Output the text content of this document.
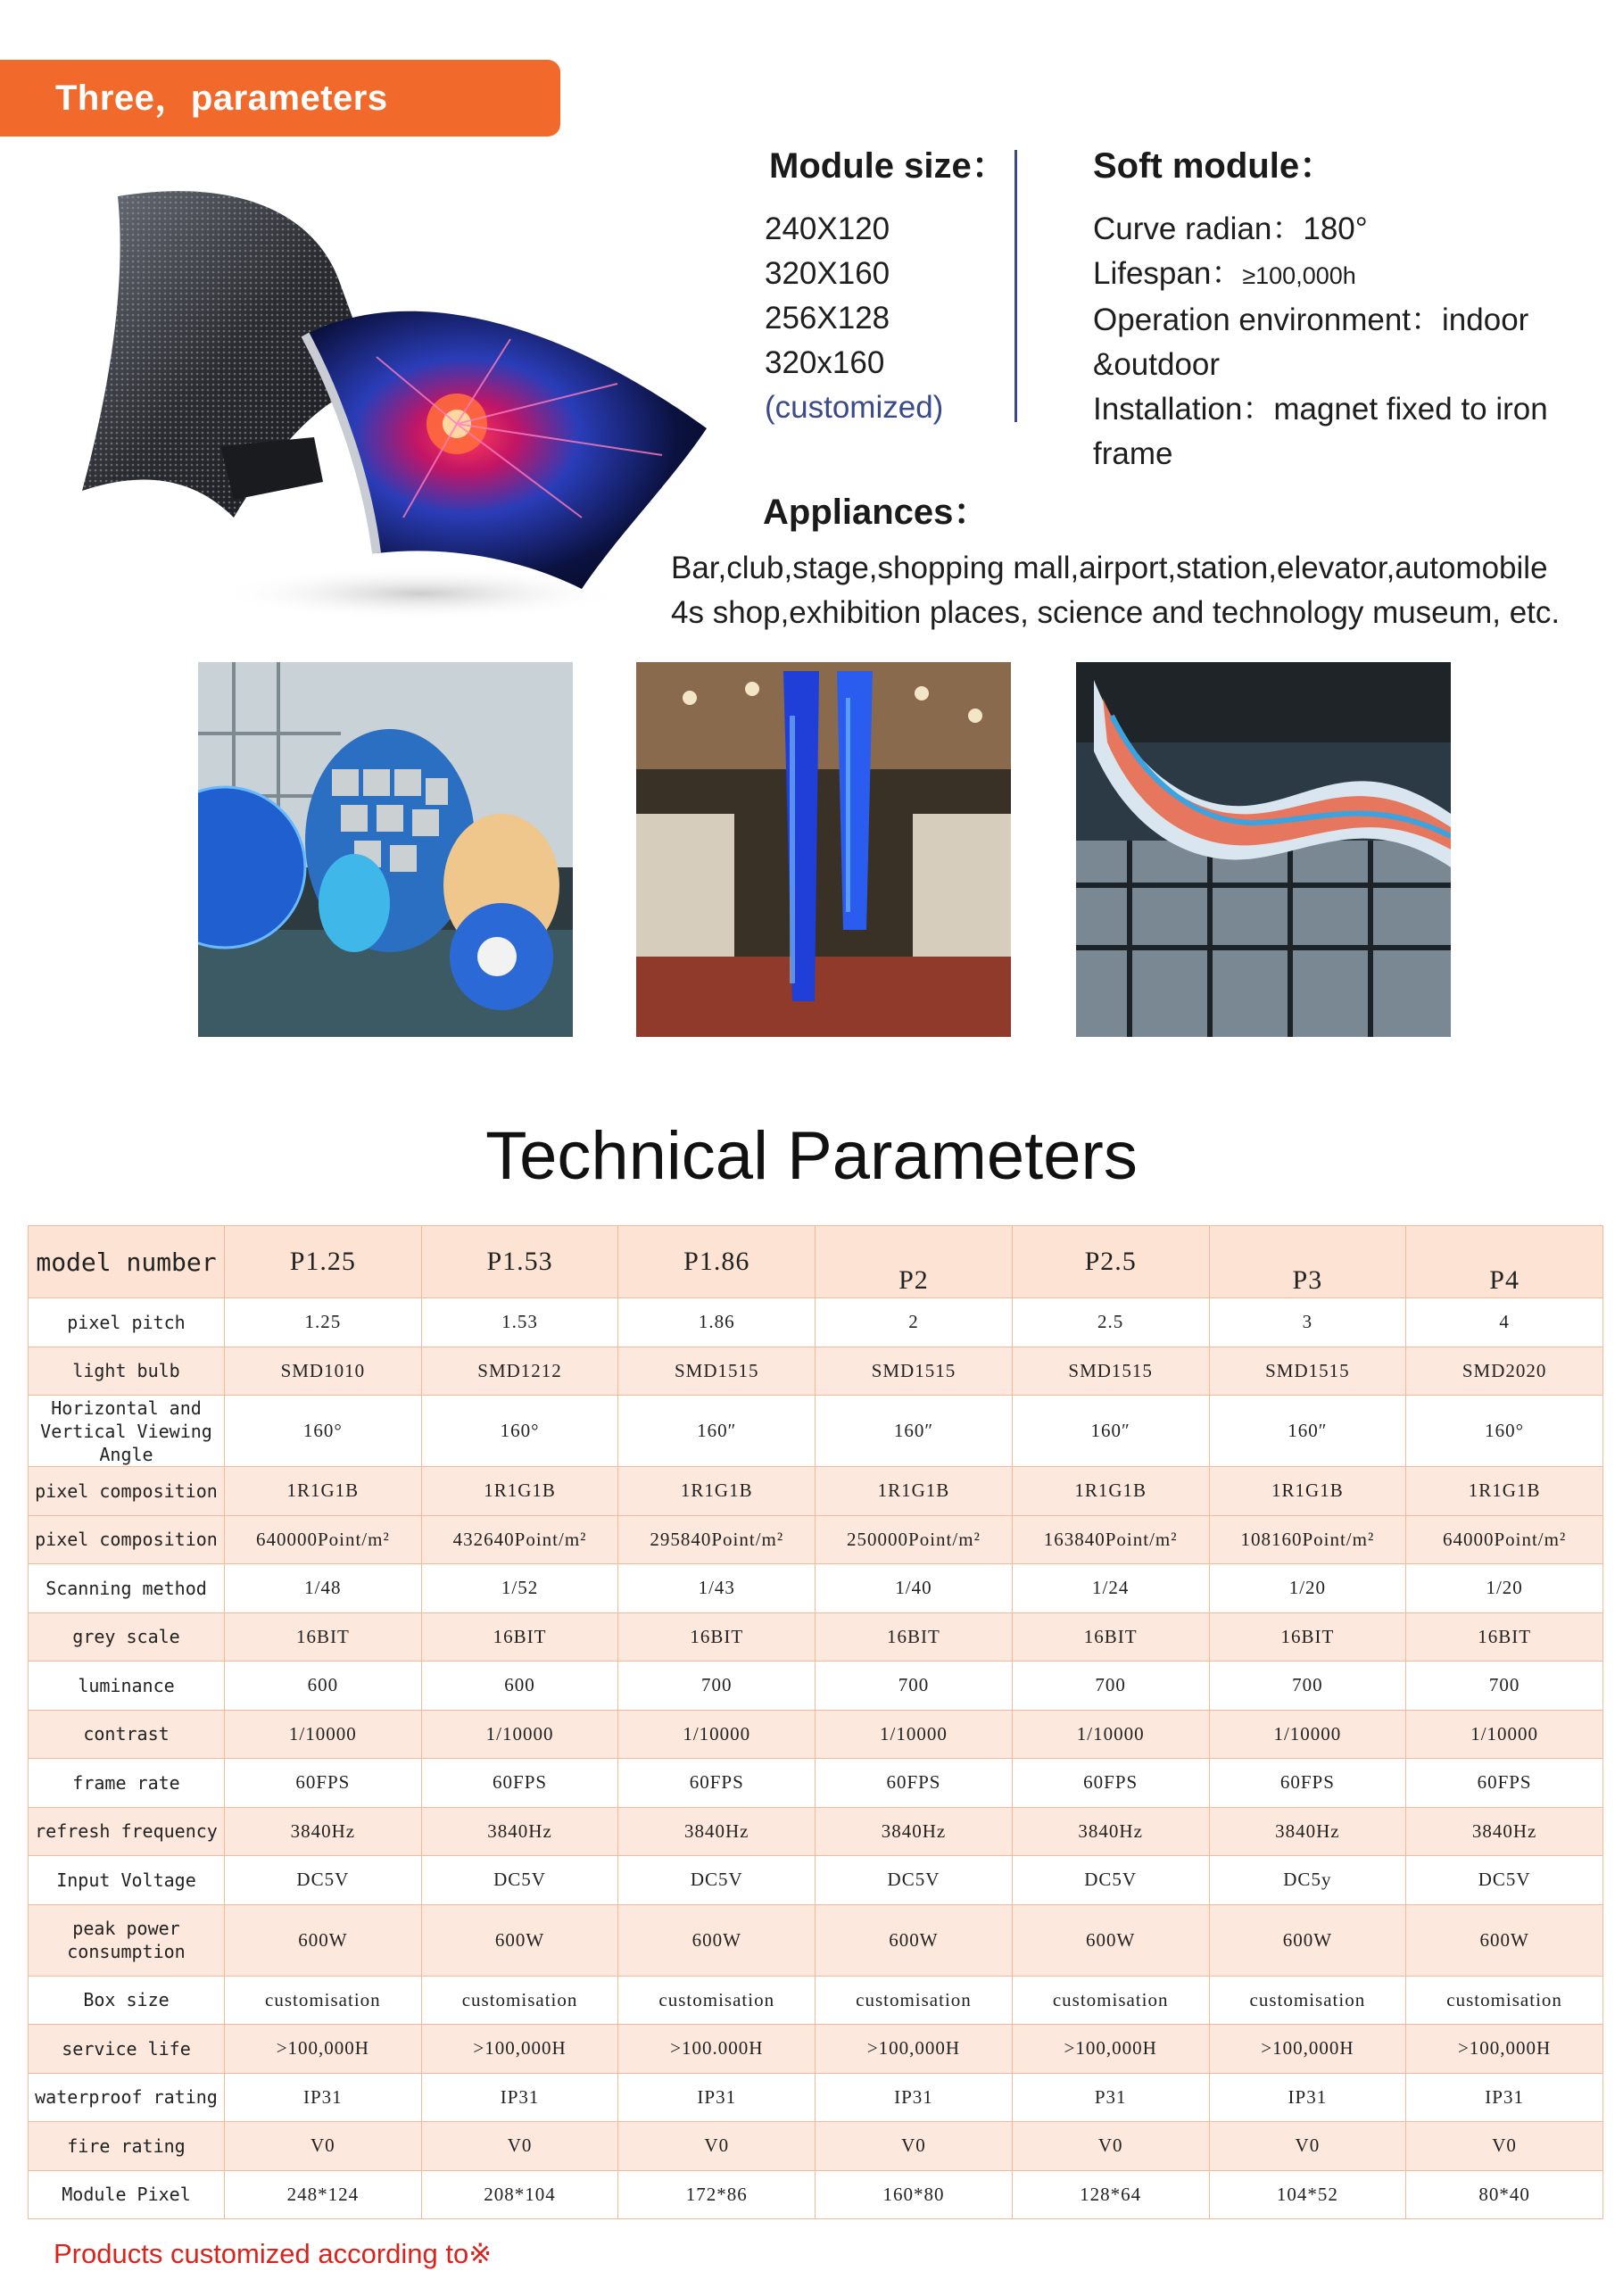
Three，parameters
Module size：
240X120
320X160
256X128
320x160
(customized)
Soft module：
Curve radian：180°
Lifespan：≥100,000h
Operation environment：indoor
&outdoor
Installation：magnet fixed to iron
frame
Appliances：
Bar,club,stage,shopping mall,airport,station,elevator,automobile
4s shop,exhibition places, science and technology museum, etc.
Technical Parameters
model number	P1.25	P1.53	P1.86	P2	P2.5	P3	P4
pixel pitch	1.25	1.53	1.86	2	2.5	3	4
light bulb	SMD1010	SMD1212	SMD1515	SMD1515	SMD1515	SMD1515	SMD2020
Horizontal and Vertical Viewing Angle	160°	160°	160″	160″	160″	160″	160°
pixel composition	1R1G1B	1R1G1B	1R1G1B	1R1G1B	1R1G1B	1R1G1B	1R1G1B
pixel composition	640000Point/m²	432640Point/m²	295840Point/m²	250000Point/m²	163840Point/m²	108160Point/m²	64000Point/m²
Scanning method	1/48	1/52	1/43	1/40	1/24	1/20	1/20
grey scale	16BIT	16BIT	16BIT	16BIT	16BIT	16BIT	16BIT
luminance	600	600	700	700	700	700	700
contrast	1/10000	1/10000	1/10000	1/10000	1/10000	1/10000	1/10000
frame rate	60FPS	60FPS	60FPS	60FPS	60FPS	60FPS	60FPS
refresh frequency	3840Hz	3840Hz	3840Hz	3840Hz	3840Hz	3840Hz	3840Hz
Input Voltage	DC5V	DC5V	DC5V	DC5V	DC5V	DC5y	DC5V
peak power consumption	600W	600W	600W	600W	600W	600W	600W
Box size	customisation	customisation	customisation	customisation	customisation	customisation	customisation
service life	>100,000H	>100,000H	>100.000H	>100,000H	>100,000H	>100,000H	>100,000H
waterproof rating	IP31	IP31	IP31	IP31	P31	IP31	IP31
fire rating	V0	V0	V0	V0	V0	V0	V0
Module Pixel	248*124	208*104	172*86	160*80	128*64	104*52	80*40
Products customized according to※
